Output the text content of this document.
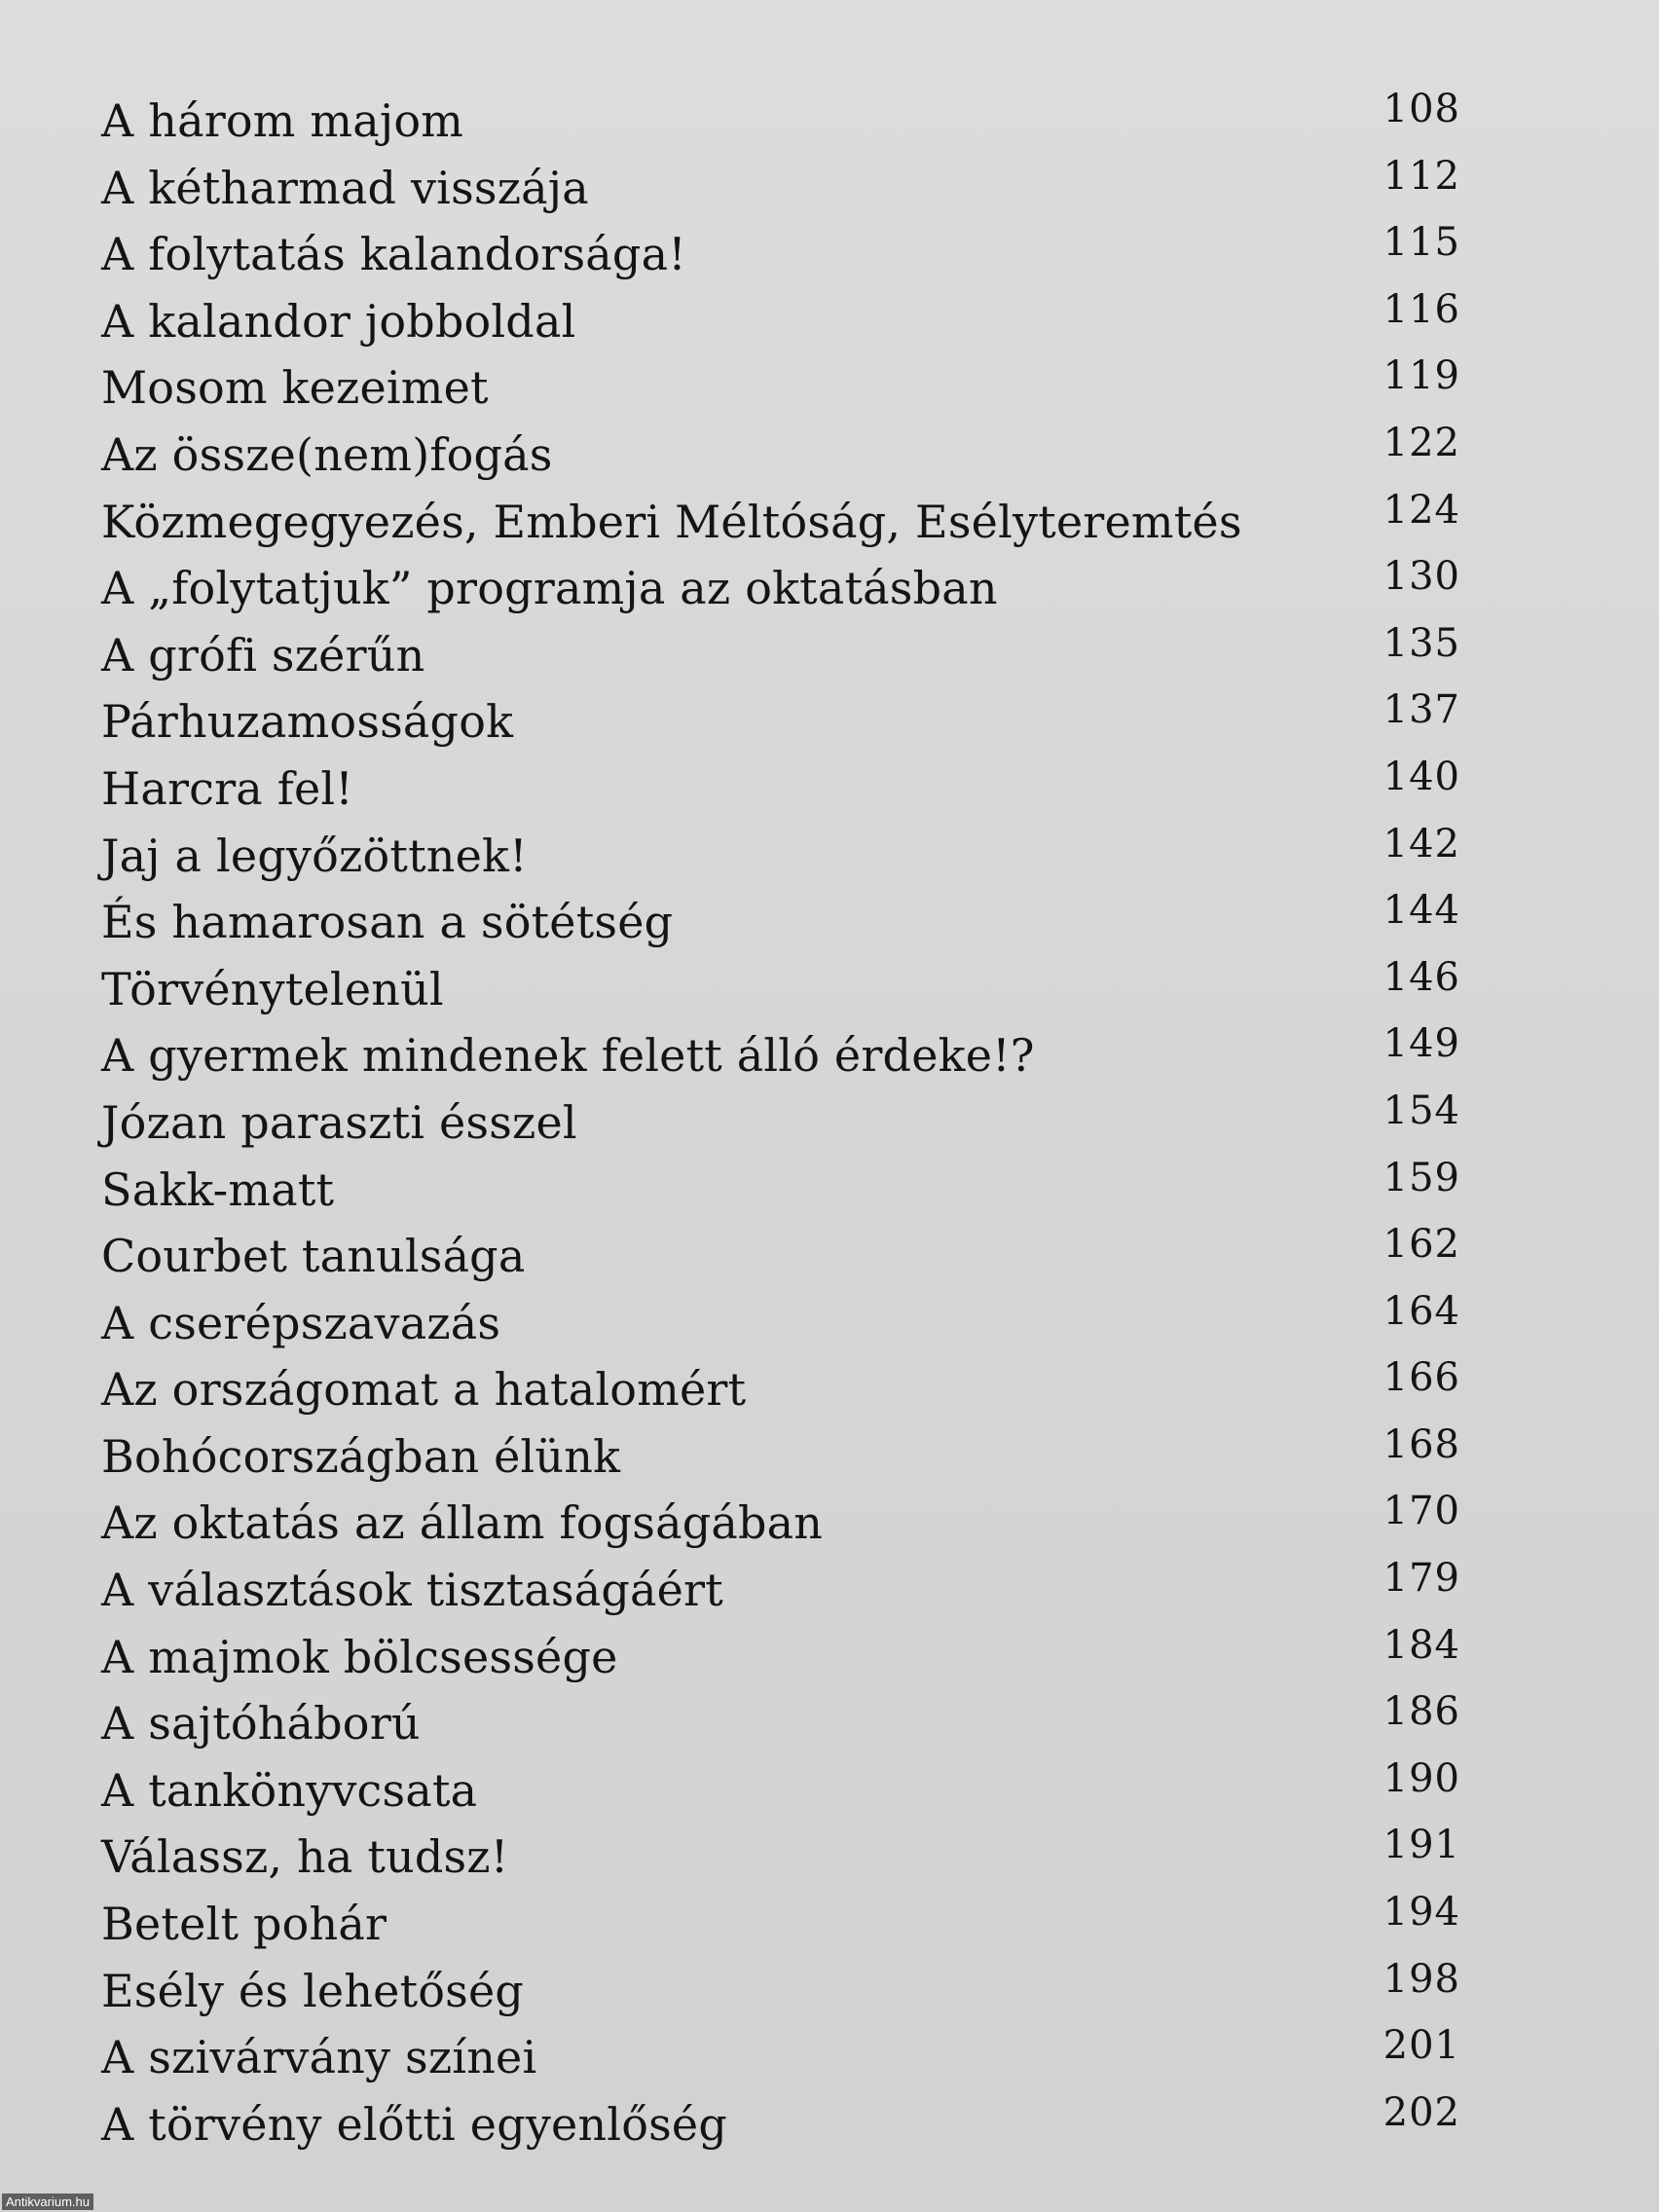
A három majom	108
A kétharmad visszája	112
A folytatás kalandorsága!	115
A kalandor jobboldal	116
Mosom kezeimet	119
Az össze(nem)fogás	122
Közmegegyezés, Emberi Méltóság, Esélyteremtés	124
A „folytatjuk” programja az oktatásban	130
A grófi szérűn	135
Párhuzamosságok	137
Harcra fel!	140
Jaj a legyőzöttnek!	142
És hamarosan a sötétség	144
Törvénytelenül	146
A gyermek mindenek felett álló érdeke!?	149
Józan paraszti ésszel	154
Sakk-matt	159
Courbet tanulsága	162
A cserépszavazás	164
Az országomat a hatalomért	166
Bohócországban élünk	168
Az oktatás az állam fogságában	170
A választások tisztaságáért	179
A majmok bölcsessége	184
A sajtóháború	186
A tankönyvcsata	190
Válassz, ha tudsz!	191
Betelt pohár	194
Esély és lehetőség	198
A szivárvány színei	201
A törvény előtti egyenlőség	202
Antikvarium.hu
